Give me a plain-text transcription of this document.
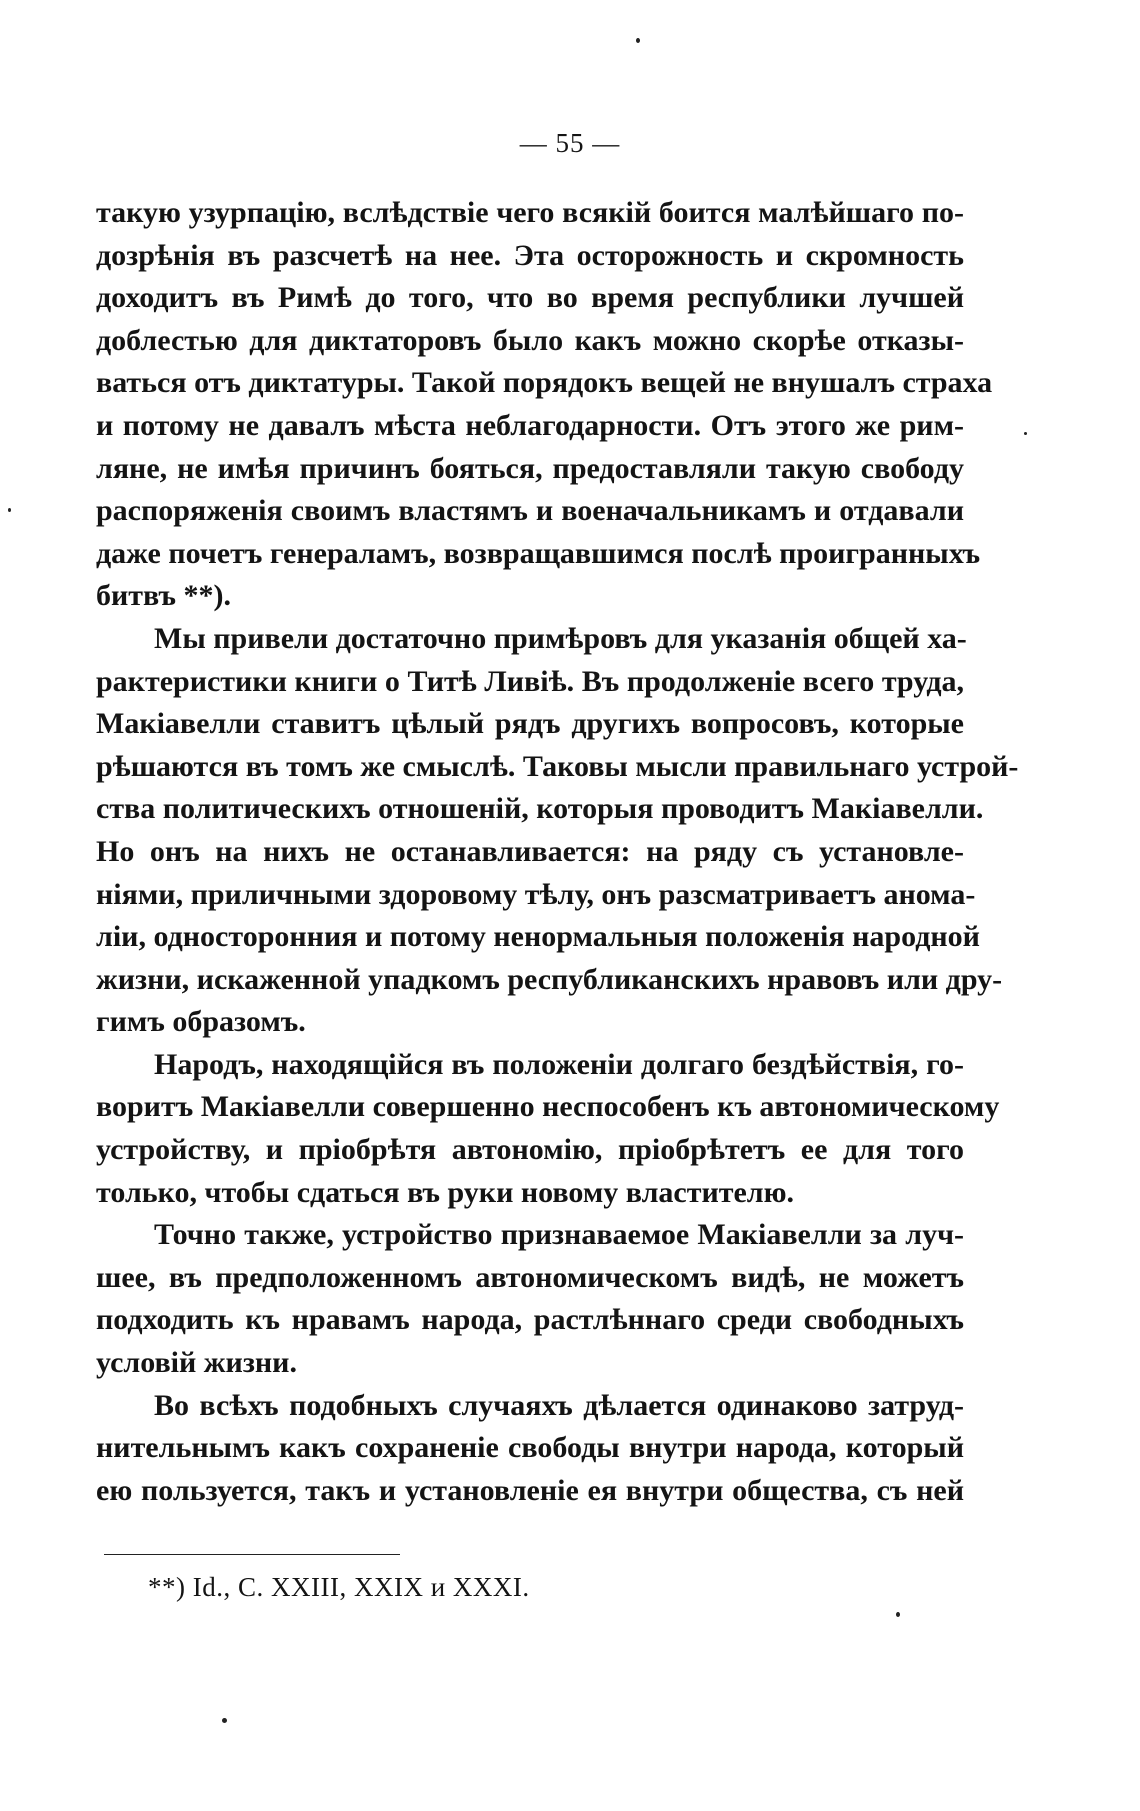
— 55 —
такую узурпацію, вслѣдствіе чего всякій боится малѣйшаго по-
дозрѣнія въ разсчетѣ на нее. Эта осторожность и скромность
доходитъ въ Римѣ до того, что во время республики лучшей
доблестью для диктаторовъ было какъ можно скорѣе отказы-
ваться отъ диктатуры. Такой порядокъ вещей не внушалъ страха
и потому не давалъ мѣста неблагодарности. Отъ этого же рим-
ляне, не имѣя причинъ бояться, предоставляли такую свободу
распоряженія своимъ властямъ и военачальникамъ и отдавали
даже почетъ генераламъ, возвращавшимся послѣ проигранныхъ
битвъ **).
Мы привели достаточно примѣровъ для указанія общей ха-
рактеристики книги о Титѣ Ливіѣ. Въ продолженіе всего труда,
Макіавелли ставитъ цѣлый рядъ другихъ вопросовъ, которые
рѣшаются въ томъ же смыслѣ. Таковы мысли правильнаго устрой-
ства политическихъ отношеній, которыя проводитъ Макіавелли.
Но онъ на нихъ не останавливается: на ряду съ установле-
ніями, приличными здоровому тѣлу, онъ разсматриваетъ анома-
ліи, односторонния и потому ненормальныя положенія народной
жизни, искаженной упадкомъ республиканскихъ нравовъ или дру-
гимъ образомъ.
Народъ, находящійся въ положеніи долгаго бездѣйствія, го-
воритъ Макіавелли совершенно неспособенъ къ автономическому
устройству, и пріобрѣтя автономію, пріобрѣтетъ ее для того
только, чтобы сдаться въ руки новому властителю.
Точно также, устройство признаваемое Макіавелли за луч-
шее, въ предположенномъ автономическомъ видѣ, не можетъ
подходить къ нравамъ народа, растлѣннаго среди свободныхъ
условій жизни.
Во всѣхъ подобныхъ случаяхъ дѣлается одинаково затруд-
нительнымъ какъ сохраненіе свободы внутри народа, который
ею пользуется, такъ и установленіе ея внутри общества, съ ней
**) Id., C. XXIII, XXIX и XXXI.
